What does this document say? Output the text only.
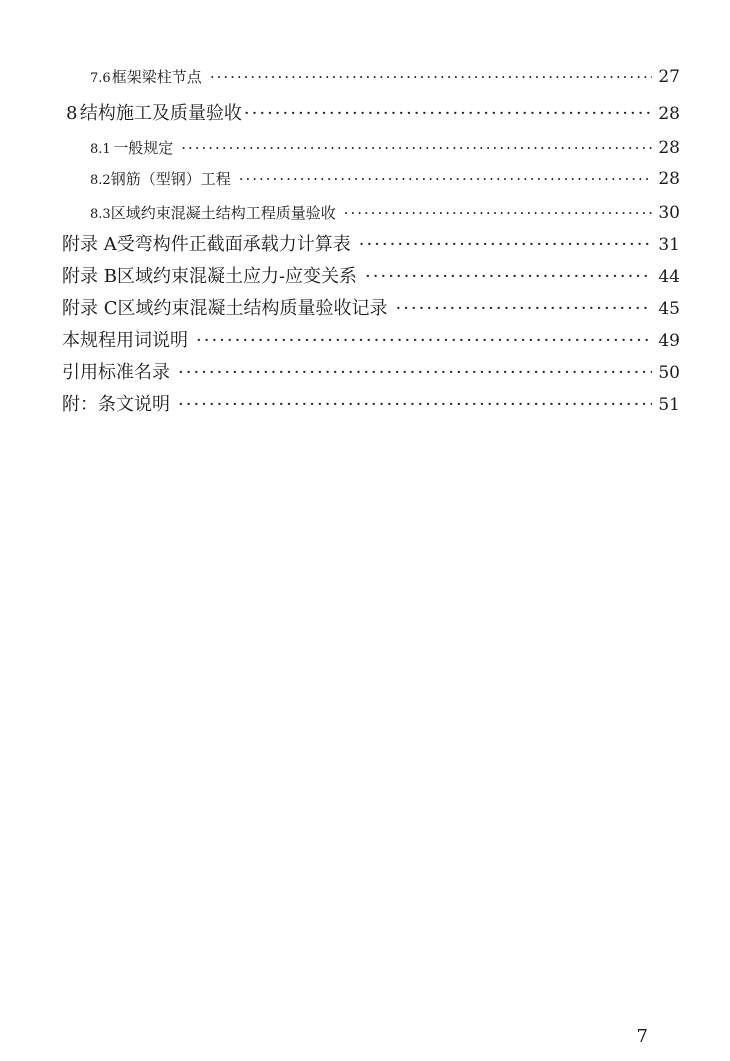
7.6 框架梁柱节点 ·····	27
8 结构施工及质量验收 ·····	28
8.1 一般规定 ·····	28
8.2 钢筋（型钢）工程 ·····	28
8.3 区域约束混凝土结构工程质量验收 ·····	30
附录 A 受弯构件正截面承载力计算表 ·····	31
附录 B 区域约束混凝土应力-应变关系 ·····	44
附录 C 区域约束混凝土结构质量验收记录 ·····	45
本规程用词说明 ·····	49
引用标准名录 ·····	50
附：条文说明 ·····	51
7
